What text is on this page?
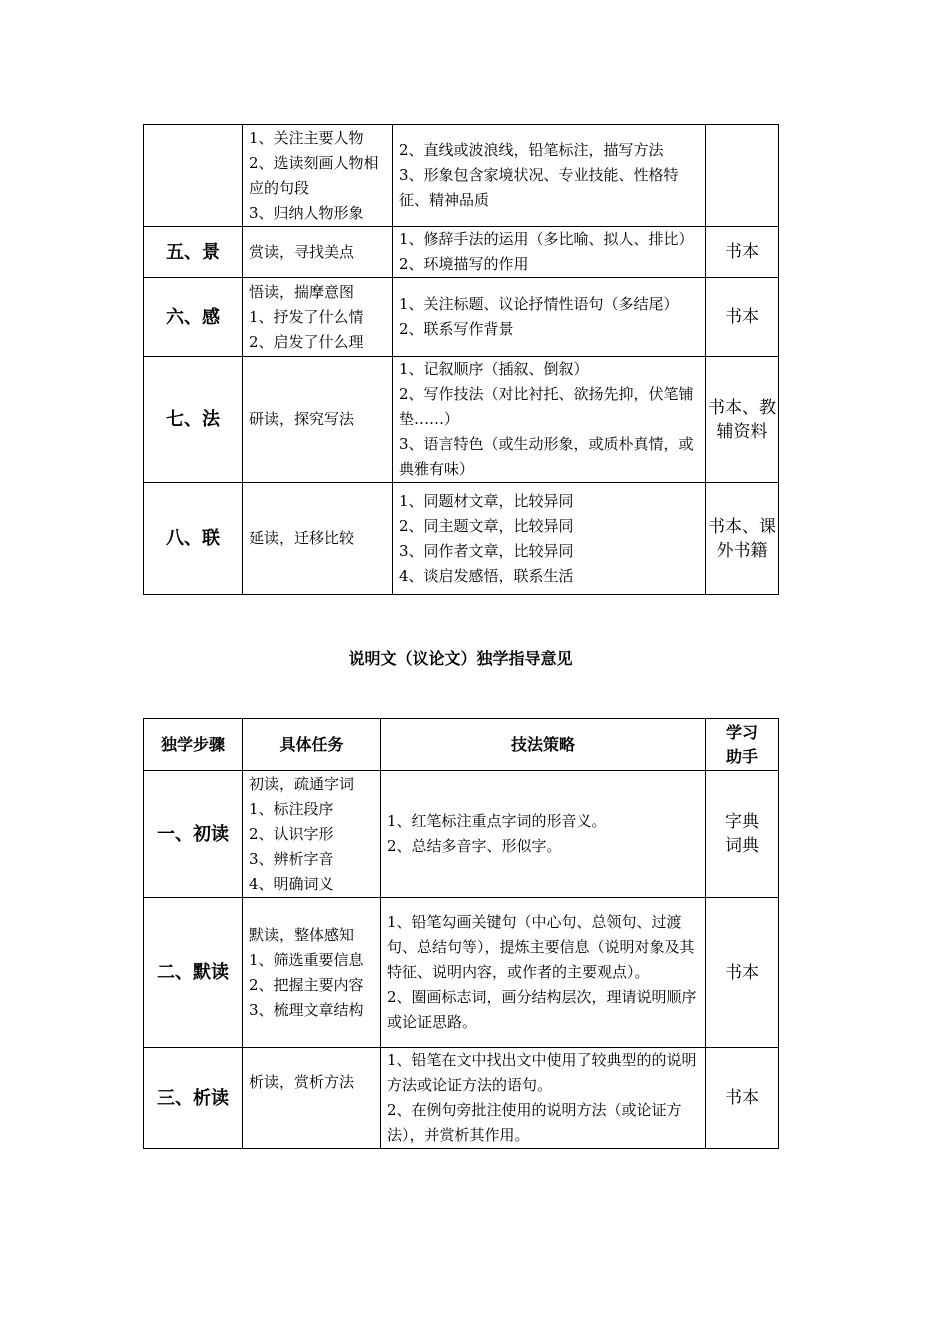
	1、关注主要人物
2、选读刻画人物相应的句段
3、归纳人物形象	2、直线或波浪线，铅笔标注，描写方法
3、形象包含家境状况、专业技能、性格特征、精神品质	

五、景	赏读，寻找美点	1、修辞手法的运用（多比喻、拟人、排比）
2、环境描写的作用	书本
六、感	悟读，揣摩意图
1、抒发了什么情
2、启发了什么理	1、关注标题、议论抒情性语句（多结尾）
2、联系写作背景	书本
七、法	研读，探究写法	1、记叙顺序（插叙、倒叙）
2、写作技法（对比衬托、欲扬先抑，伏笔铺垫……）
3、语言特色（或生动形象，或质朴真情，或典雅有味）	书本、教辅资料
八、联	延读，迁移比较	1、同题材文章，比较异同
2、同主题文章，比较异同
3、同作者文章，比较异同
4、谈启发感悟，联系生活	书本、课外书籍
说明文（议论文）独学指导意见
独学步骤	具体任务	技法策略	学习助手
一、初读	初读，疏通字词
1、标注段序
2、认识字形
3、辨析字音
4、明确词义	1、红笔标注重点字词的形音义。
2、总结多音字、形似字。	字典词典
二、默读	默读，整体感知
1、筛选重要信息
2、把握主要内容
3、梳理文章结构	1、铅笔勾画关键句（中心句、总领句、过渡句、总结句等），提炼主要信息（说明对象及其特征、说明内容，或作者的主要观点）。
2、圈画标志词，画分结构层次，理请说明顺序或论证思路。	书本
三、析读	析读，赏析方法	1、铅笔在文中找出文中使用了较典型的的说明方法或论证方法的语句。
2、在例句旁批注使用的说明方法（或论证方法），并赏析其作用。	书本
